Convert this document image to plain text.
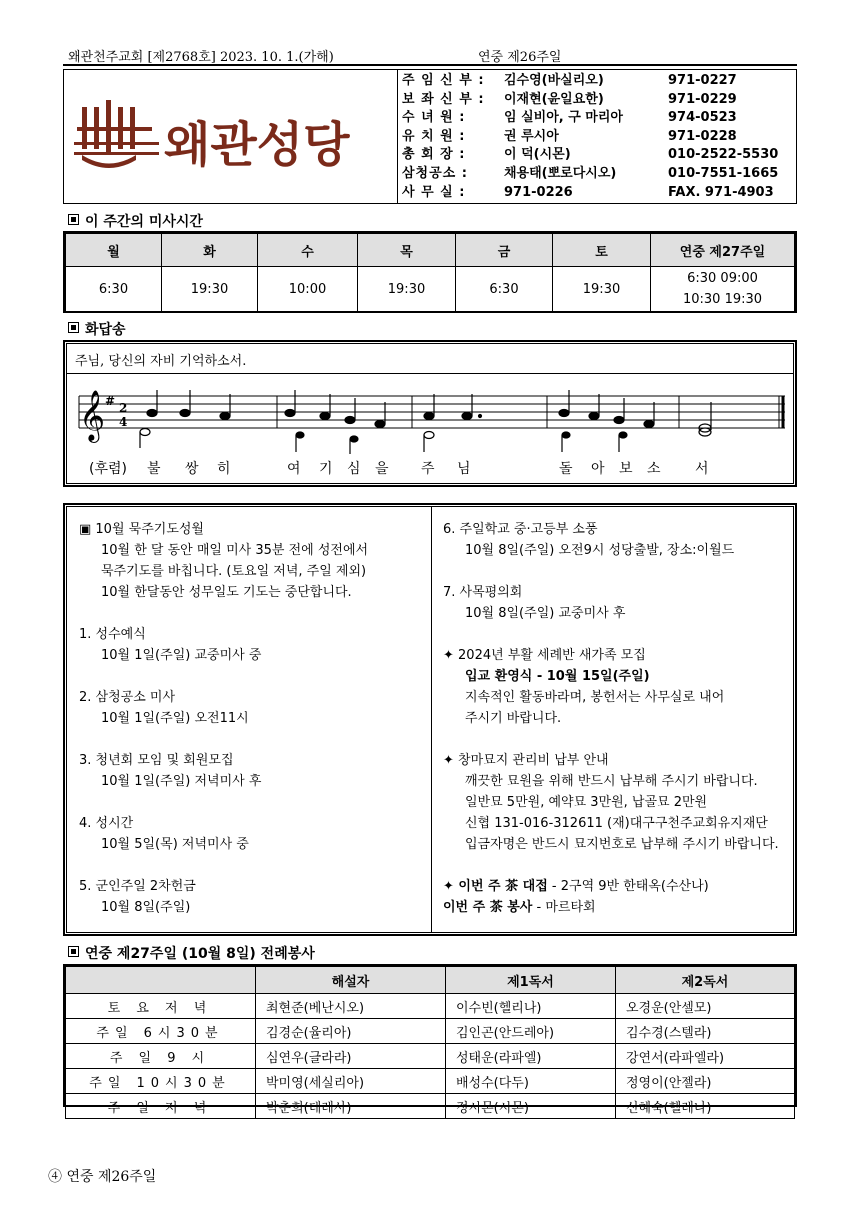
왜관천주교회 [제2768호] 2023. 10. 1.(가해)	연중 제26주일
왜관성당
주 임 신 부 :	김수영(바실리오)	971-0227
보 좌 신 부 :	이재현(윤일요한)	971-0229
수 녀 원 :	임 실비아, 구 마리아	974-0523
유 치 원 :	권 루시아	971-0228
총 회 장 :	이 덕(시몬)	010-2522-5530
삼청공소 :	채용태(뽀로다시오)	010-7551-1665
사 무 실 :	971-0226	FAX. 971-4903
이 주간의 미사시간
월	화	수	목	금	토	연중 제27주일
6:30	19:30	10:00	19:30	6:30	19:30	6:30 09:00
10:30 19:30
화답송
주님, 당신의 자비 기억하소서.
𝄞 # 2
4
(후렴) 불 쌍 히	여 기 심 을 주 님	돌 아 보 소 서
▣ 10월 묵주기도성월
10월 한 달 동안 매일 미사 35분 전에 성전에서
묵주기도를 바칩니다. (토요일 저녁, 주일 제외)
10월 한달동안 성무일도 기도는 중단합니다.
1. 성수예식
10월 1일(주일) 교중미사 중
2. 삼청공소 미사
10월 1일(주일) 오전11시
3. 청년회 모임 및 회원모집
10월 1일(주일) 저녁미사 후
4. 성시간
10월 5일(목) 저녁미사 중
5. 군인주일 2차헌금
10월 8일(주일)
6. 주일학교 중·고등부 소풍
10월 8일(주일) 오전9시 성당출발, 장소:이월드
7. 사목평의회
10월 8일(주일) 교중미사 후
✦ 2024년 부활 세례반 새가족 모집
입교 환영식 - 10월 15일(주일)
지속적인 활동바라며, 봉헌서는 사무실로 내어
주시기 바랍니다.
✦ 창마묘지 관리비 납부 안내
깨끗한 묘원을 위해 반드시 납부해 주시기 바랍니다.
일반묘 5만원, 예약묘 3만원, 납골묘 2만원
신협 131-016-312611 (재)대구구천주교회유지재단
입금자명은 반드시 묘지번호로 납부해 주시기 바랍니다.
✦ 이번 주 茶 대접 - 2구역 9반 한태옥(수산나)
이번 주 茶 봉사 - 마르타회
연중 제27주일 (10월 8일) 전례봉사
	해설자	제1독서	제2독서
토 요 저 녁	최현준(베난시오)	이수빈(헬리나)	오경운(안셀모)
주일 6시30분	김경순(율리아)	김인곤(안드레아)	김수경(스텔라)
주 일 9 시	심연우(글라라)	성태운(라파엘)	강연서(라파엘라)
주일 10시30분	박미영(세실리아)	배성수(다두)	정영이(안젤라)
주 일 저 녁	박춘희(데레사)	정시몬(시몬)	신혜숙(헬레나)
④ 연중 제26주일
